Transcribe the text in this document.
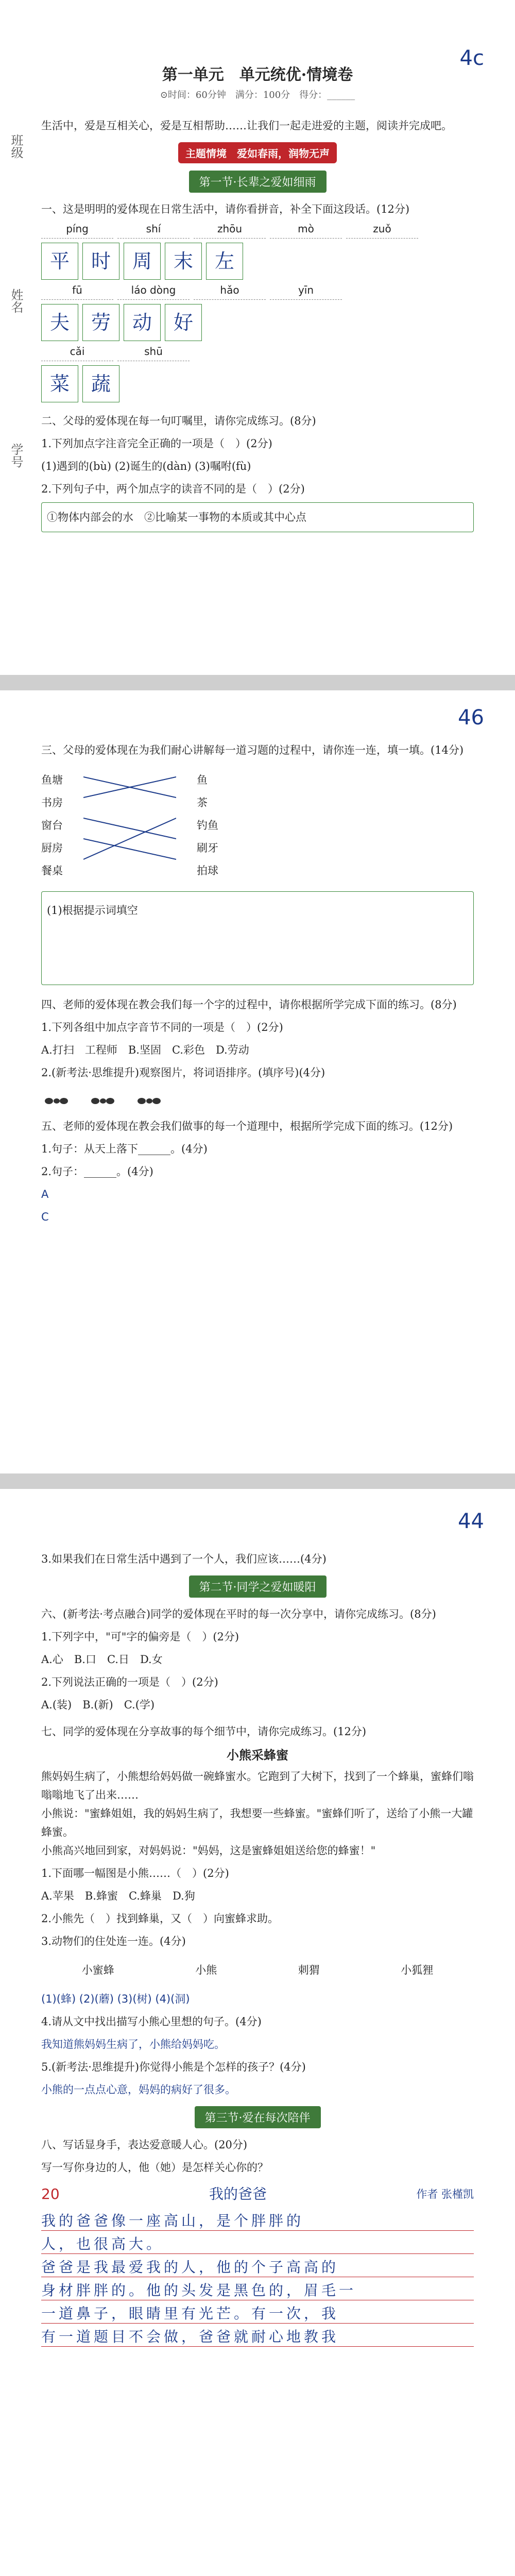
班级
姓名
学号
4c
第一单元　单元统优·情境卷
⊙时间：60分钟　满分：100分　得分：______
生活中，爱是互相关心，爱是互相帮助……让我们一起走进爱的主题，阅读并完成吧。
主题情境　爱如春雨，润物无声
第一节·长辈之爱如细雨
一、这是明明的爱体现在日常生活中，请你看拼音，补全下面这段话。(12分)
píng	shí	zhōu	mò	zuǒ
平	时	周	末	左
fū	láo dòng	hǎo	yīn
夫	劳	动	好
cǎi	shū
菜	蔬
二、父母的爱体现在每一句叮嘱里，请你完成练习。(8分)
1.下列加点字注音完全正确的一项是（　）(2分)
(1)遇到的(bù) (2)诞生的(dàn) (3)嘱咐(fù)
2.下列句子中，两个加点字的读音不同的是（　）(2分)
①物体内部会的水　②比喻某一事物的本质或其中心点
46
三、父母的爱体现在为我们耐心讲解每一道习题的过程中，请你连一连，填一填。(14分)
鱼塘
书房
窗台
厨房
餐桌
鱼
茶
钓鱼
刷牙
拍球
(1)根据提示词填空
四、老师的爱体现在教会我们每一个字的过程中，请你根据所学完成下面的练习。(8分)
1.下列各组中加点字音节不同的一项是（　）(2分)
A.打扫　工程师　B.坚固　C.彩色　D.劳动
2.(新考法·思维提升)观察图片，将词语排序。(填序号)(4分)
五、老师的爱体现在教会我们做事的每一个道理中，根据所学完成下面的练习。(12分)
1.句子：从天上落下______。(4分)
2.句子：______。(4分)
A
C
44
3.如果我们在日常生活中遇到了一个人，我们应该……(4分)
第二节·同学之爱如暖阳
六、(新考法·考点融合)同学的爱体现在平时的每一次分享中，请你完成练习。(8分)
1.下列字中，"可"字的偏旁是（　）(2分)
A.心　B.口　C.日　D.女
2.下列说法正确的一项是（　）(2分)
A.(装)　B.(新)　C.(学)
七、同学的爱体现在分享故事的每个细节中，请你完成练习。(12分)
小熊采蜂蜜
熊妈妈生病了，小熊想给妈妈做一碗蜂蜜水。它跑到了大树下，找到了一个蜂巢，蜜蜂们嗡嗡嗡地飞了出来……
小熊说："蜜蜂姐姐，我的妈妈生病了，我想要一些蜂蜜。"蜜蜂们听了，送给了小熊一大罐蜂蜜。
小熊高兴地回到家，对妈妈说："妈妈，这是蜜蜂姐姐送给您的蜂蜜！"
1.下面哪一幅图是小熊……（　）(2分)
A.苹果　B.蜂蜜　C.蜂巢　D.狗
2.小熊先（　）找到蜂巢，又（　）向蜜蜂求助。
3.动物们的住处连一连。(4分)
小蜜蜂	小熊	刺猬	小狐狸
(1)(蜂) (2)(蘑) (3)(树) (4)(洞)
4.请从文中找出描写小熊心里想的句子。(4分)
我知道熊妈妈生病了，小熊给妈妈吃。
5.(新考法·思维提升)你觉得小熊是个怎样的孩子？(4分)
小熊的一点点心意，妈妈的病好了很多。
第三节·爱在每次陪伴
八、写话显身手，表达爱意暖人心。(20分)
写一写你身边的人，他（她）是怎样关心你的？
20	我的爸爸	作者 张槿凯
我的爸爸像一座高山，是个胖胖的
人，也很高大。
爸爸是我最爱我的人，他的个子高高的
身材胖胖的。他的头发是黑色的，眉毛一
一道鼻子，眼睛里有光芒。有一次，我
有一道题目不会做，爸爸就耐心地教我
